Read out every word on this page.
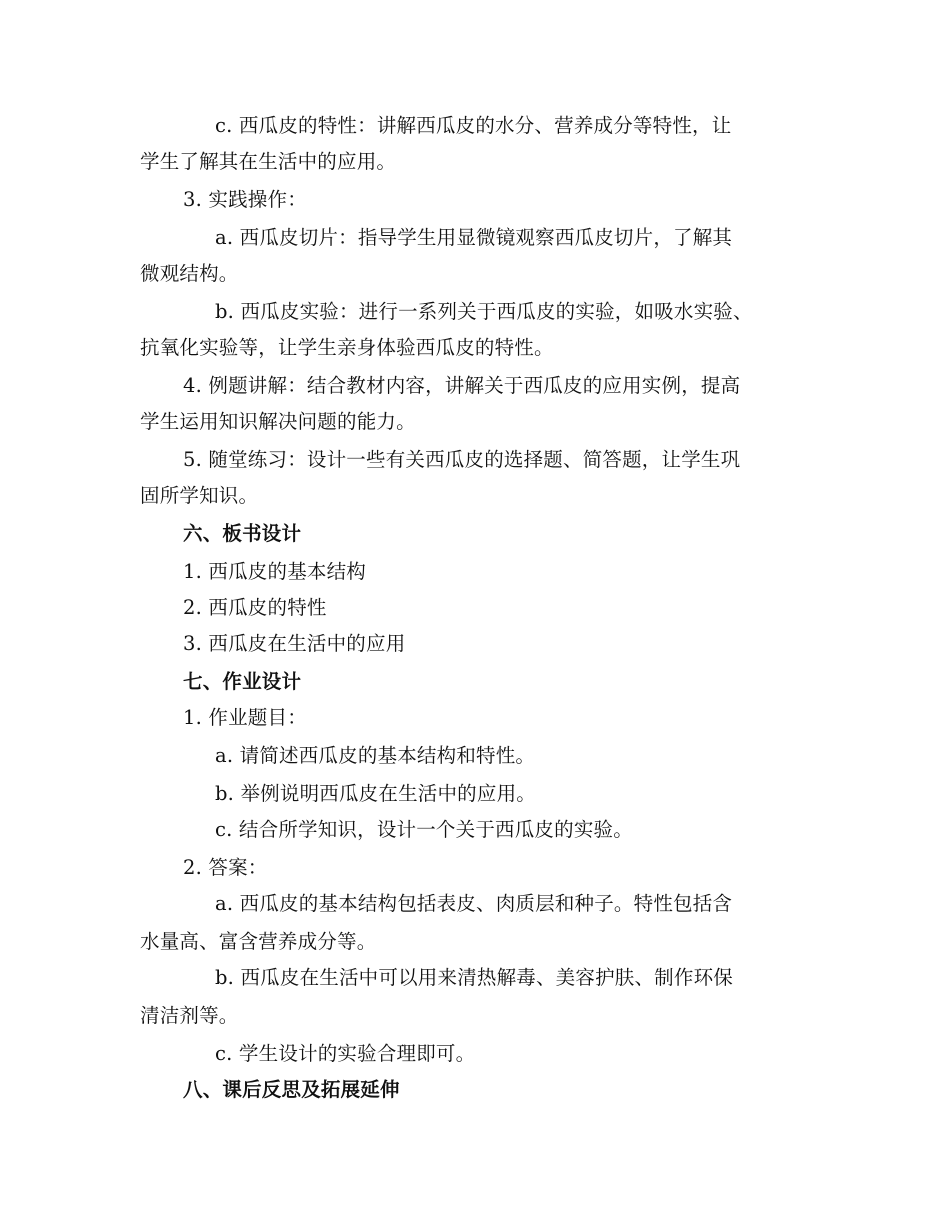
c. 西瓜皮的特性：讲解西瓜皮的水分、营养成分等特性，让
学生了解其在生活中的应用。
3. 实践操作：
a. 西瓜皮切片：指导学生用显微镜观察西瓜皮切片，了解其
微观结构。
b. 西瓜皮实验：进行一系列关于西瓜皮的实验，如吸水实验、
抗氧化实验等，让学生亲身体验西瓜皮的特性。
4. 例题讲解：结合教材内容，讲解关于西瓜皮的应用实例，提高
学生运用知识解决问题的能力。
5. 随堂练习：设计一些有关西瓜皮的选择题、简答题，让学生巩
固所学知识。
六、板书设计
1. 西瓜皮的基本结构
2. 西瓜皮的特性
3. 西瓜皮在生活中的应用
七、作业设计
1. 作业题目：
a. 请简述西瓜皮的基本结构和特性。
b. 举例说明西瓜皮在生活中的应用。
c. 结合所学知识，设计一个关于西瓜皮的实验。
2. 答案：
a. 西瓜皮的基本结构包括表皮、肉质层和种子。特性包括含
水量高、富含营养成分等。
b. 西瓜皮在生活中可以用来清热解毒、美容护肤、制作环保
清洁剂等。
c. 学生设计的实验合理即可。
八、课后反思及拓展延伸
